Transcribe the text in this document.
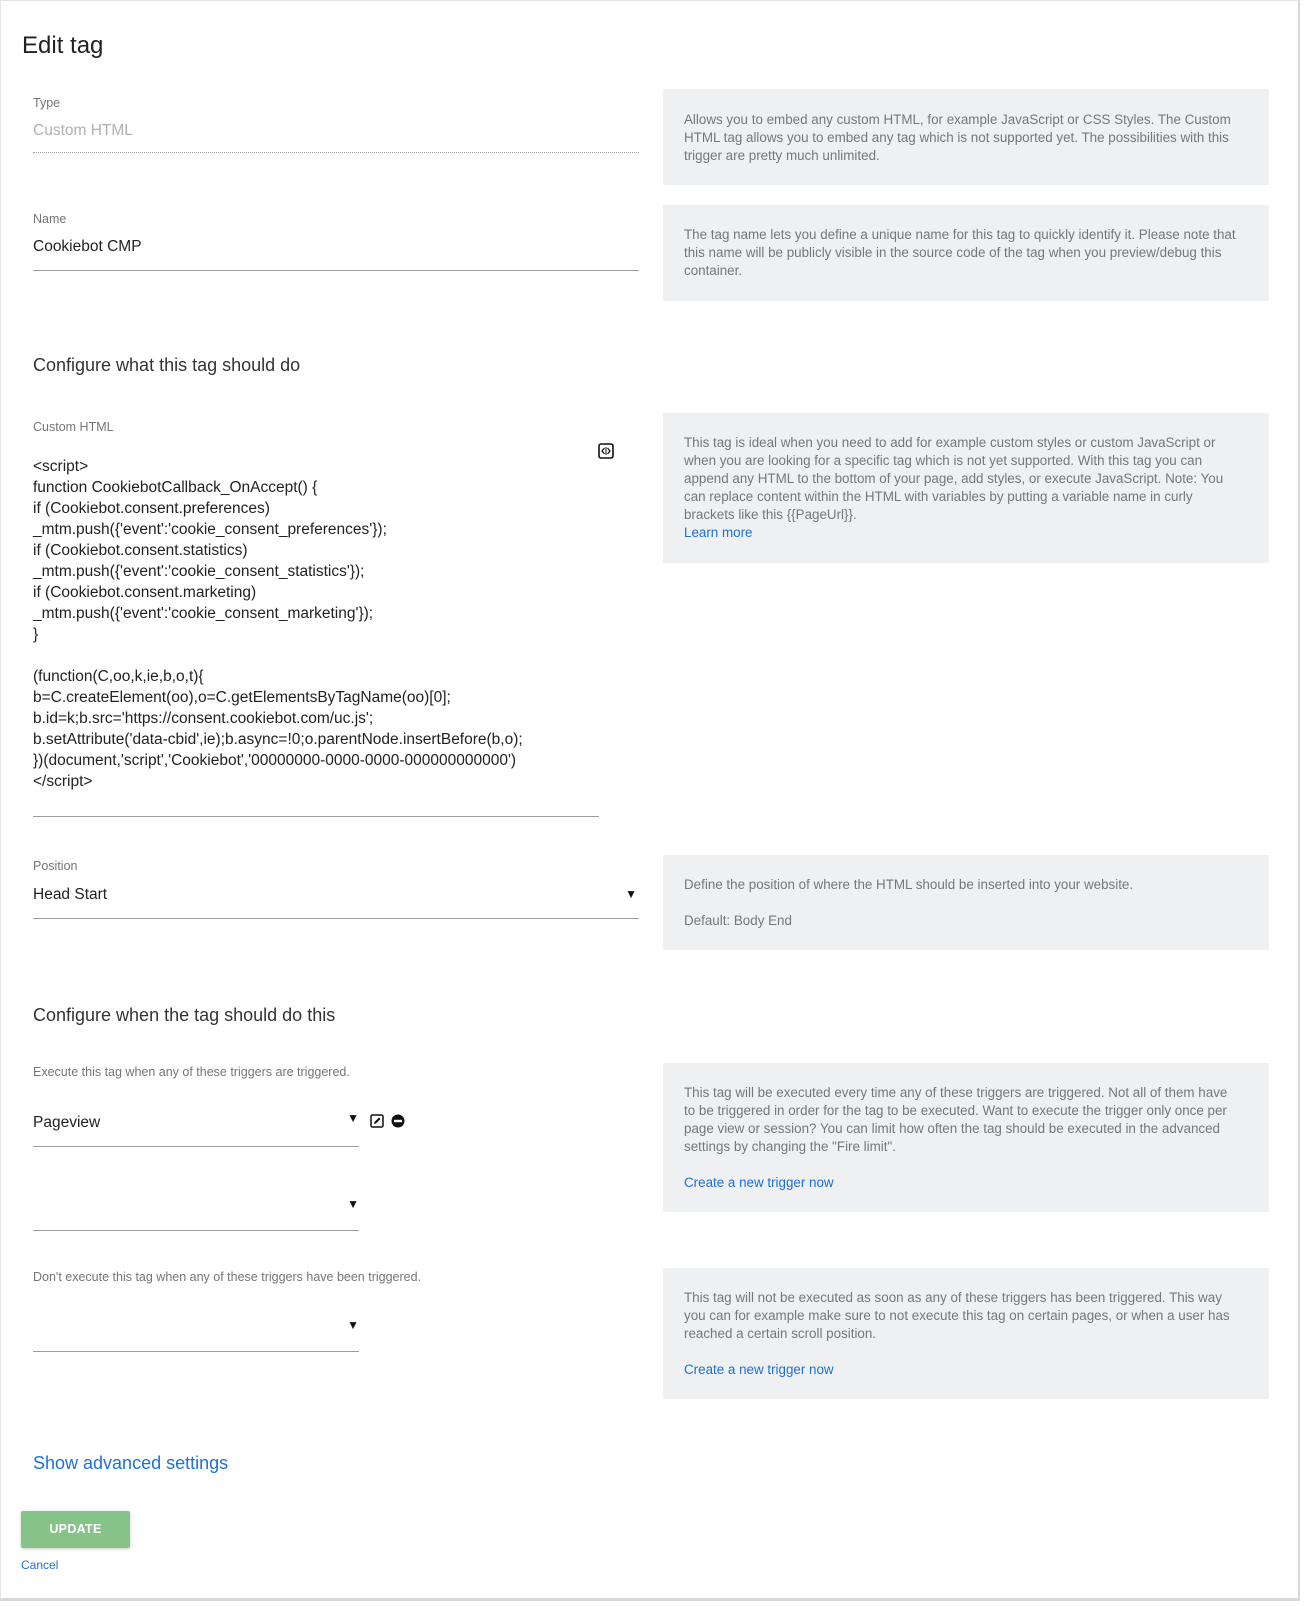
Edit tag
Type
Custom HTML
Allows you to embed any custom HTML, for example JavaScript or CSS Styles. The Custom HTML tag allows you to embed any tag which is not supported yet. The possibilities with this trigger are pretty much unlimited.
Name
Cookiebot CMP
The tag name lets you define a unique name for this tag to quickly identify it. Please note that this name will be publicly visible in the source code of the tag when you preview/debug this container.
Configure what this tag should do
Custom HTML
<script>
function CookiebotCallback_OnAccept() {
if (Cookiebot.consent.preferences)
_mtm.push({'event':'cookie_consent_preferences'});
if (Cookiebot.consent.statistics)
_mtm.push({'event':'cookie_consent_statistics'});
if (Cookiebot.consent.marketing)
_mtm.push({'event':'cookie_consent_marketing'});
}

(function(C,oo,k,ie,b,o,t){
b=C.createElement(oo),o=C.getElementsByTagName(oo)[0];
b.id=k;b.src='https://consent.cookiebot.com/uc.js';
b.setAttribute('data-cbid',ie);b.async=!0;o.parentNode.insertBefore(b,o);
})(document,'script','Cookiebot','00000000-0000-0000-000000000000')
</script>
This tag is ideal when you need to add for example custom styles or custom JavaScript or when you are looking for a specific tag which is not yet supported. With this tag you can append any HTML to the bottom of your page, add styles, or execute JavaScript. Note: You can replace content within the HTML with variables by putting a variable name in curly brackets like this {{PageUrl}}.
Learn more
Position
Head Start	▼
Define the position of where the HTML should be inserted into your website.

Default: Body End
Configure when the tag should do this
Execute this tag when any of these triggers are triggered.
Pageview	▼
▼
This tag will be executed every time any of these triggers are triggered. Not all of them have to be triggered in order for the tag to be executed. Want to execute the trigger only once per page view or session? You can limit how often the tag should be executed in the advanced settings by changing the "Fire limit".

Create a new trigger now
Don't execute this tag when any of these triggers have been triggered.
▼
This tag will not be executed as soon as any of these triggers has been triggered. This way you can for example make sure to not execute this tag on certain pages, or when a user has reached a certain scroll position.

Create a new trigger now
Show advanced settings
UPDATE
Cancel
